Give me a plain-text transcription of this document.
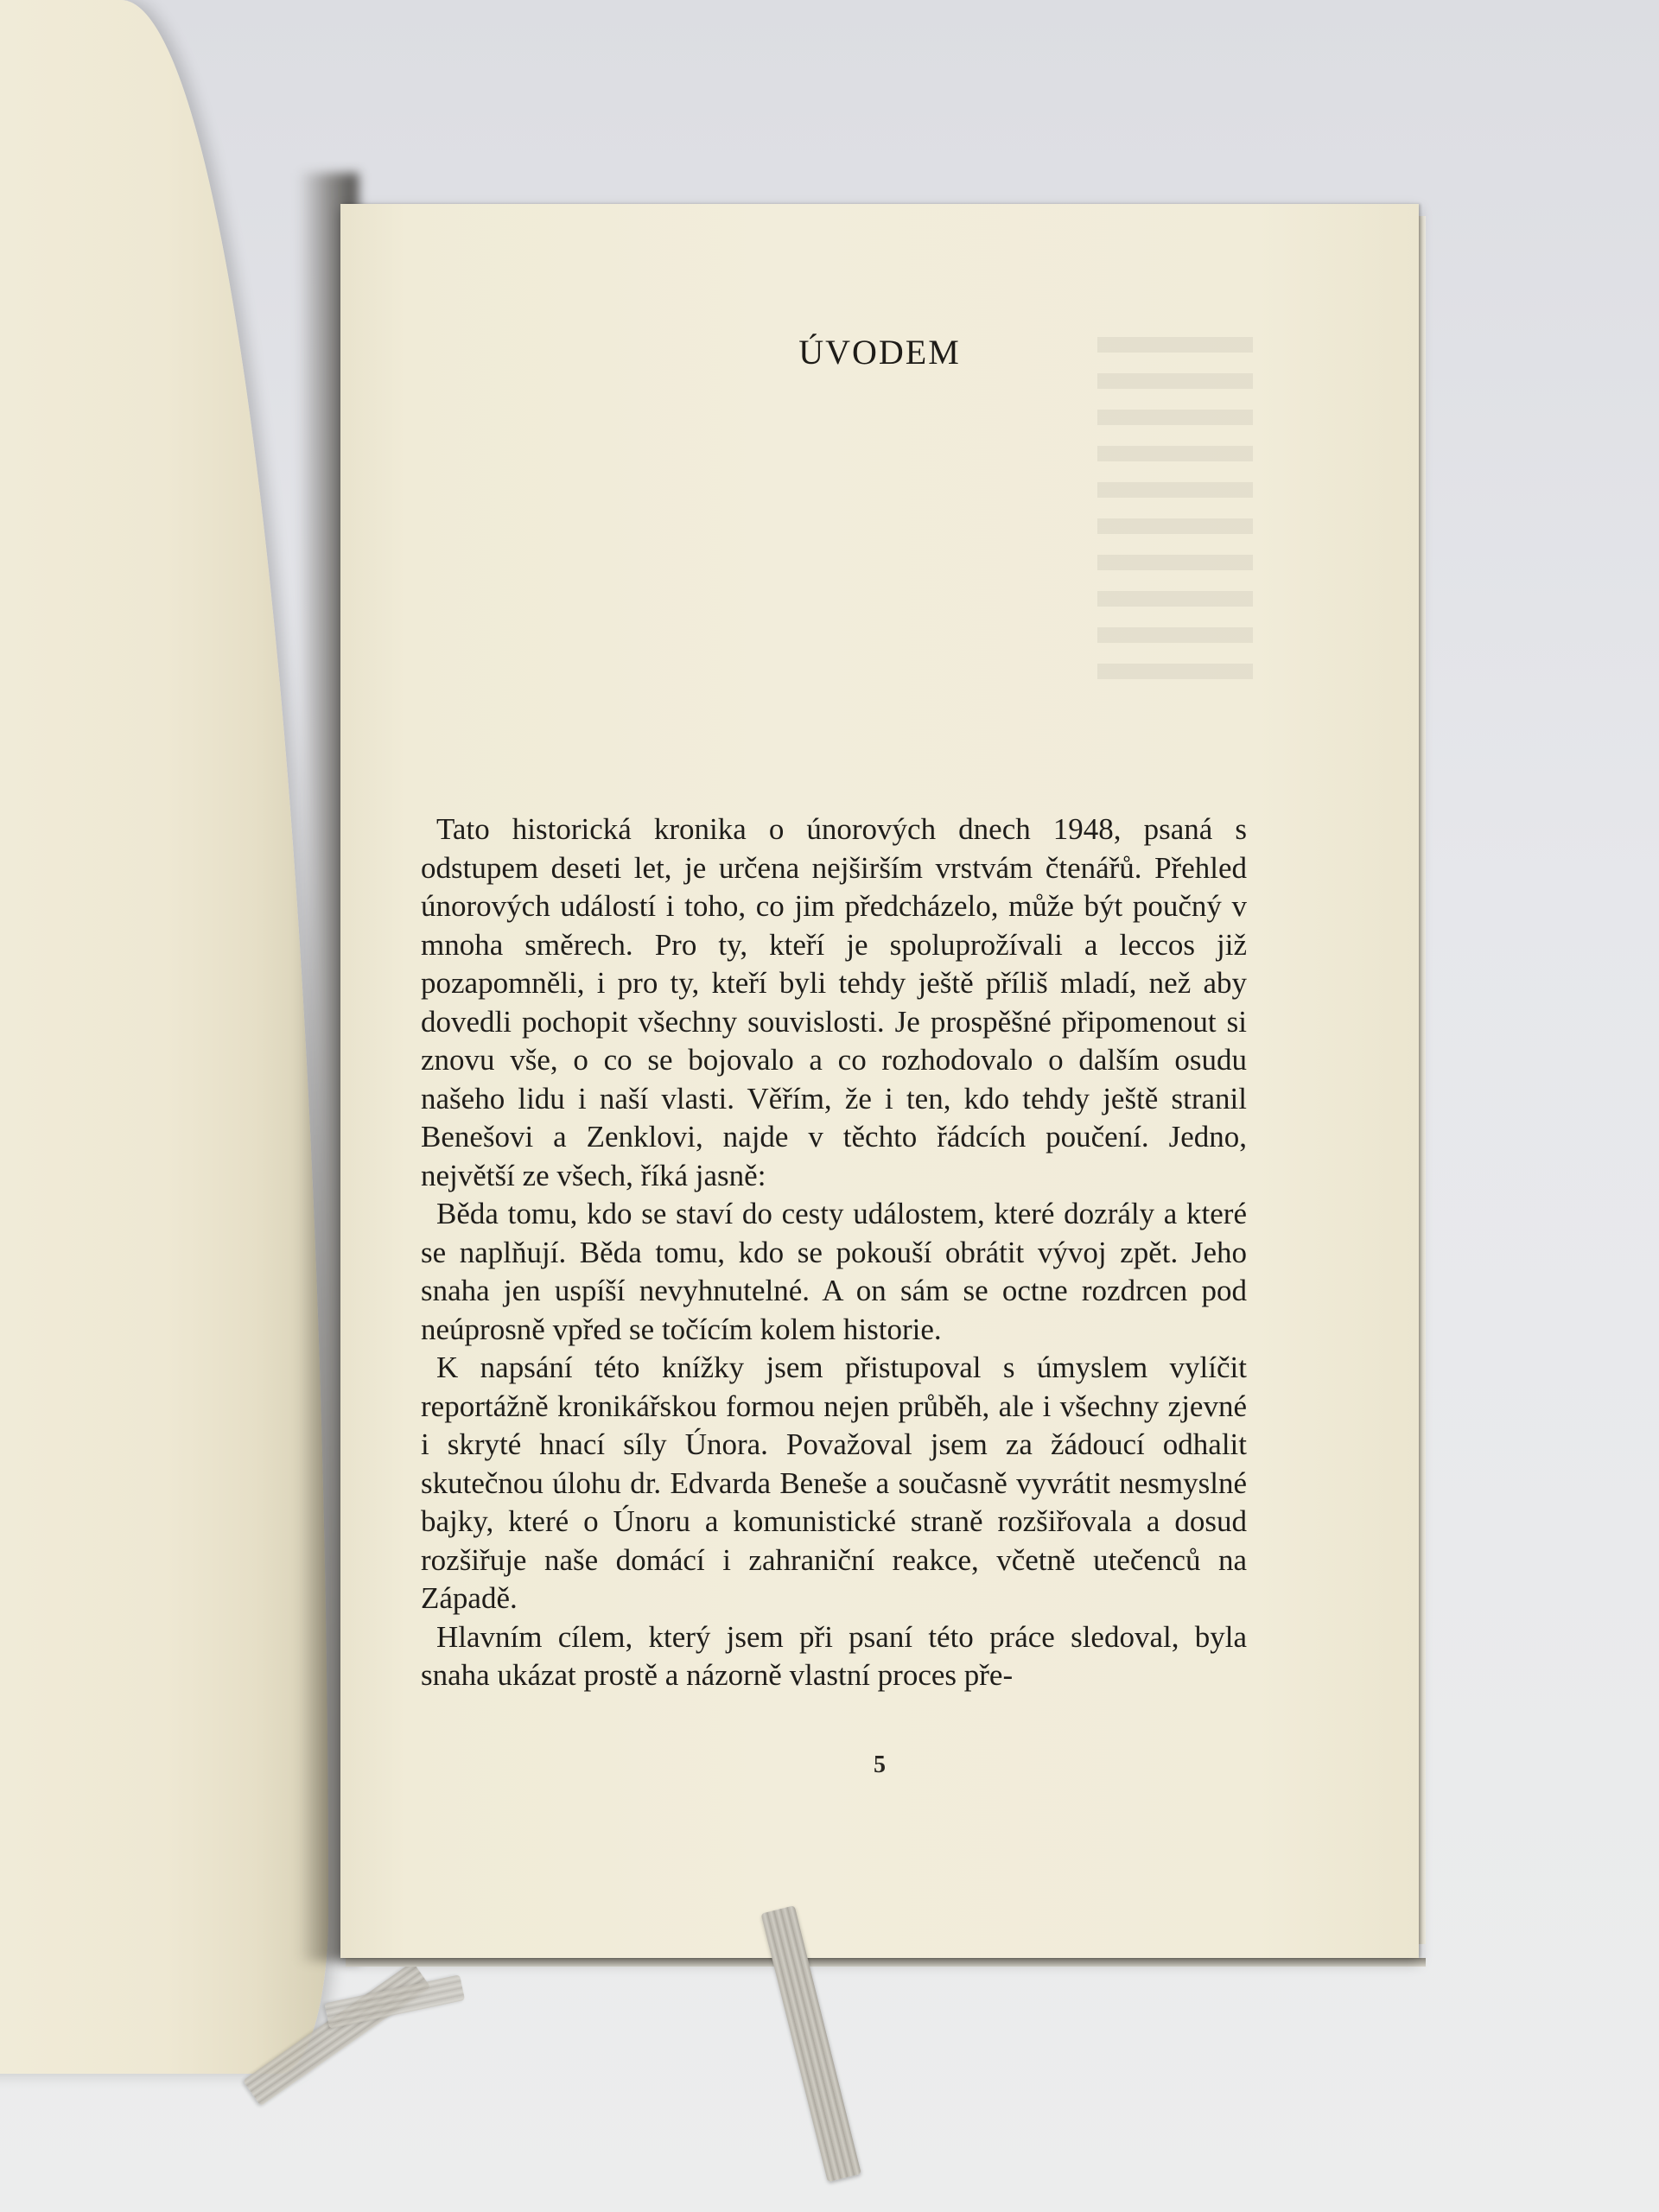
ÚVODEM

Tato historická kronika o únorových dnech 1948, psaná s odstupem deseti let, je určena nejširším vrstvám čtenářů. Přehled únorových událostí i toho, co jim předcházelo, může být poučný v mnoha směrech. Pro ty, kteří je spoluprožívali a leccos již pozapomněli, i pro ty, kteří byli tehdy ještě příliš mladí, než aby dovedli pochopit všechny souvislosti. Je prospěšné připomenout si znovu vše, o co se bojovalo a co rozhodovalo o dalším osudu našeho lidu i naší vlasti. Věřím, že i ten, kdo tehdy ještě stranil Benešovi a Zenklovi, najde v těchto řádcích poučení. Jedno, největší ze všech, říká jasně:

Běda tomu, kdo se staví do cesty událostem, které dozrály a které se naplňují. Běda tomu, kdo se pokouší obrátit vývoj zpět. Jeho snaha jen uspíší nevyhnutelné. A on sám se octne rozdrcen pod neúprosně vpřed se točícím kolem historie.

K napsání této knížky jsem přistupoval s úmyslem vylíčit reportážně kronikářskou formou nejen průběh, ale i všechny zjevné i skryté hnací síly Února. Považoval jsem za žádoucí odhalit skutečnou úlohu dr. Edvarda Beneše a současně vyvrátit nesmyslné bajky, které o Únoru a komunistické straně rozšiřovala a dosud rozšiřuje naše domácí i zahraniční reakce, včetně utečenců na Západě.

Hlavním cílem, který jsem při psaní této práce sledoval, byla snaha ukázat prostě a názorně vlastní proces pře-

5
